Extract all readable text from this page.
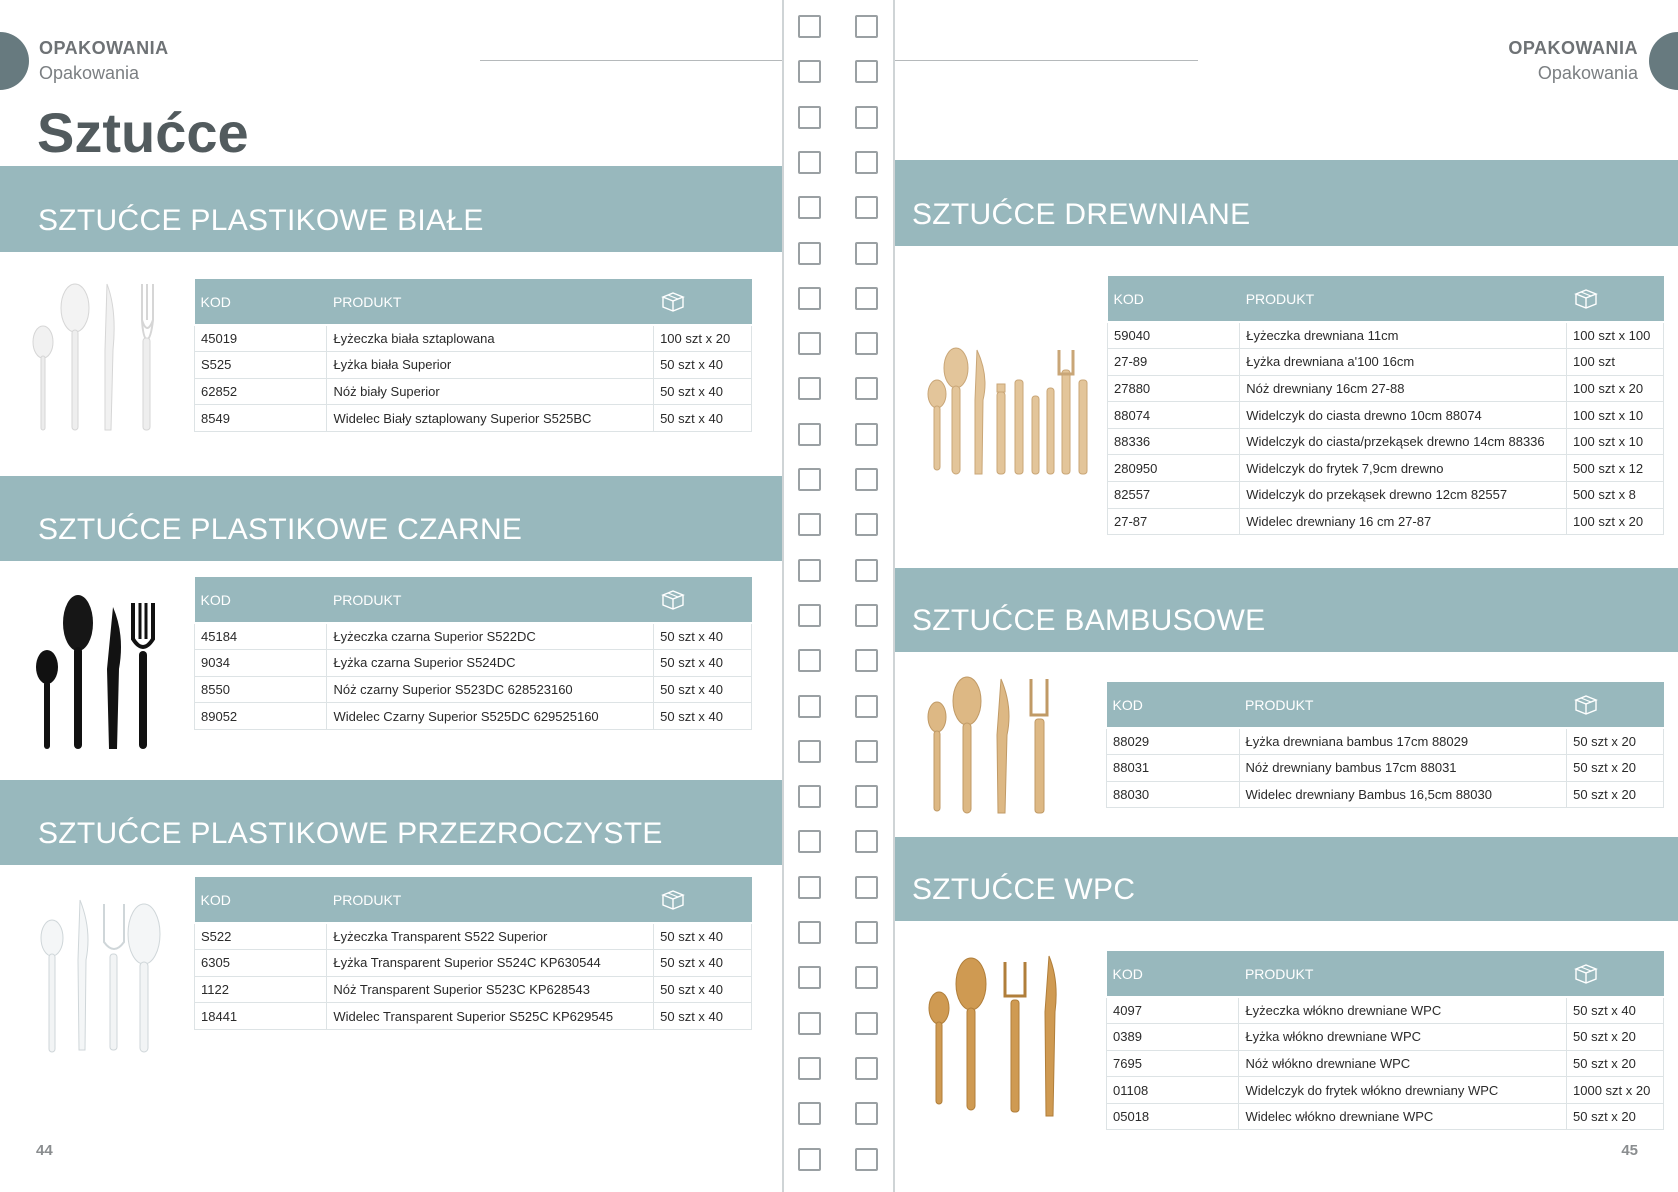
OPAKOWANIA
Opakowania
Sztućce
SZTUĆCE PLASTIKOWE BIAŁE
KOD	PRODUKT	
45019	Łyżeczka biała sztaplowana	100 szt x 20
S525	Łyżka biała Superior	50 szt x 40
62852	Nóż biały Superior	50 szt x 40
8549	Widelec Biały sztaplowany Superior S525BC	50 szt x 40
SZTUĆCE PLASTIKOWE CZARNE
KOD	PRODUKT	
45184	Łyżeczka czarna Superior S522DC	50 szt x 40
9034	Łyżka czarna Superior S524DC	50 szt x 40
8550	Nóż czarny Superior S523DC 628523160	50 szt x 40
89052	Widelec Czarny Superior S525DC 629525160	50 szt x 40
SZTUĆCE PLASTIKOWE PRZEZROCZYSTE
KOD	PRODUKT	
S522	Łyżeczka Transparent S522 Superior	50 szt x 40
6305	Łyżka Transparent Superior S524C KP630544	50 szt x 40
1122	Nóż Transparent Superior S523C KP628543	50 szt x 40
18441	Widelec Transparent Superior S525C KP629545	50 szt x 40
44
OPAKOWANIA
Opakowania
SZTUĆCE DREWNIANE
KOD	PRODUKT	
59040	Łyżeczka drewniana 11cm	100 szt x 100
27-89	Łyżka drewniana a'100 16cm	100 szt
27880	Nóż drewniany 16cm 27-88	100 szt x 20
88074	Widelczyk do ciasta drewno 10cm 88074	100 szt x 10
88336	Widelczyk do ciasta/przekąsek drewno 14cm 88336	100 szt x 10
280950	Widelczyk do frytek 7,9cm drewno	500 szt x 12
82557	Widelczyk do przekąsek drewno 12cm 82557	500 szt x 8
27-87	Widelec drewniany 16 cm 27-87	100 szt x 20
SZTUĆCE BAMBUSOWE
KOD	PRODUKT	
88029	Łyżka drewniana bambus 17cm 88029	50 szt x 20
88031	Nóż drewniany bambus 17cm 88031	50 szt x 20
88030	Widelec drewniany Bambus 16,5cm 88030	50 szt x 20
SZTUĆCE WPC
KOD	PRODUKT	
4097	Łyżeczka włókno drewniane WPC	50 szt x 40
0389	Łyżka włókno drewniane WPC	50 szt x 20
7695	Nóż włókno drewniane WPC	50 szt x 20
01108	Widelczyk do frytek włókno drewniany WPC	1000 szt x 20
05018	Widelec włókno drewniane WPC	50 szt x 20
45
